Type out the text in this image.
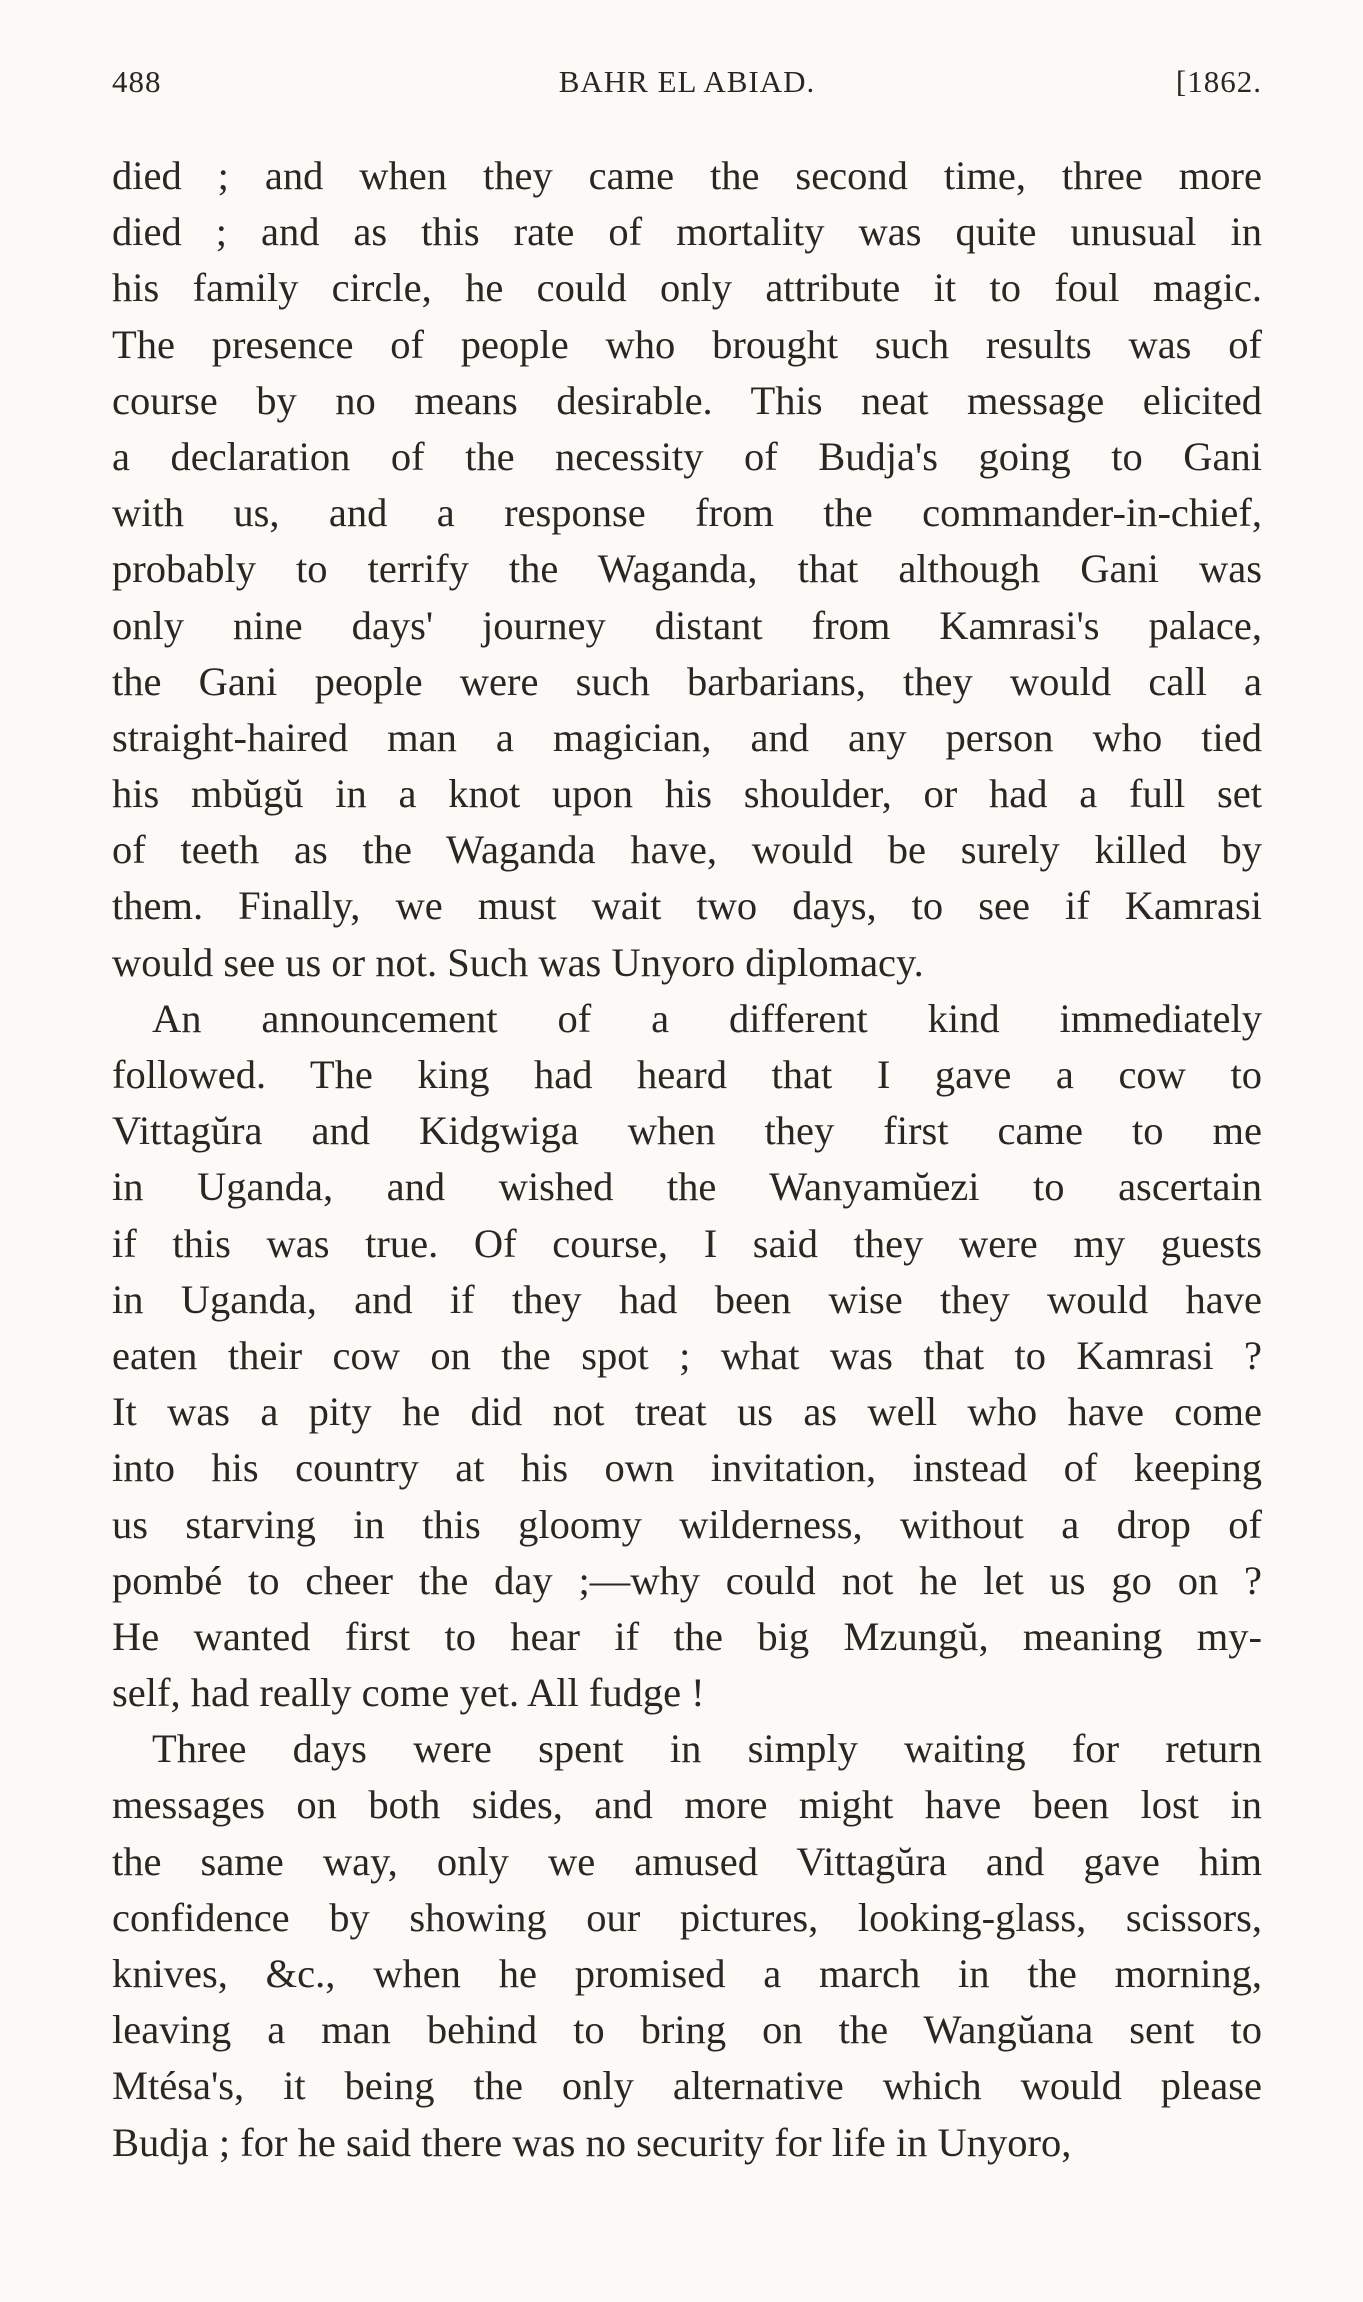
488	BAHR EL ABIAD.	[1862.
died ; and when they came the second time, three more
died ; and as this rate of mortality was quite unusual in
his family circle, he could only attribute it to foul magic.
The presence of people who brought such results was of
course by no means desirable. This neat message elicited
a declaration of the necessity of Budja's going to Gani
with us, and a response from the commander-in-chief,
probably to terrify the Waganda, that although Gani was
only nine days' journey distant from Kamrasi's palace,
the Gani people were such barbarians, they would call a
straight-haired man a magician, and any person who tied
his mbŭgŭ in a knot upon his shoulder, or had a full set
of teeth as the Waganda have, would be surely killed by
them. Finally, we must wait two days, to see if Kamrasi
would see us or not. Such was Unyoro diplomacy.
An announcement of a different kind immediately
followed. The king had heard that I gave a cow to
Vittagŭra and Kidgwiga when they first came to me
in Uganda, and wished the Wanyamŭezi to ascertain
if this was true. Of course, I said they were my guests
in Uganda, and if they had been wise they would have
eaten their cow on the spot ; what was that to Kamrasi ?
It was a pity he did not treat us as well who have come
into his country at his own invitation, instead of keeping
us starving in this gloomy wilderness, without a drop of
pombé to cheer the day ;—why could not he let us go on ?
He wanted first to hear if the big Mzungŭ, meaning my-
self, had really come yet. All fudge !
Three days were spent in simply waiting for return
messages on both sides, and more might have been lost in
the same way, only we amused Vittagŭra and gave him
confidence by showing our pictures, looking-glass, scissors,
knives, &c., when he promised a march in the morning,
leaving a man behind to bring on the Wangŭana sent to
Mtésa's, it being the only alternative which would please
Budja ; for he said there was no security for life in Unyoro,
